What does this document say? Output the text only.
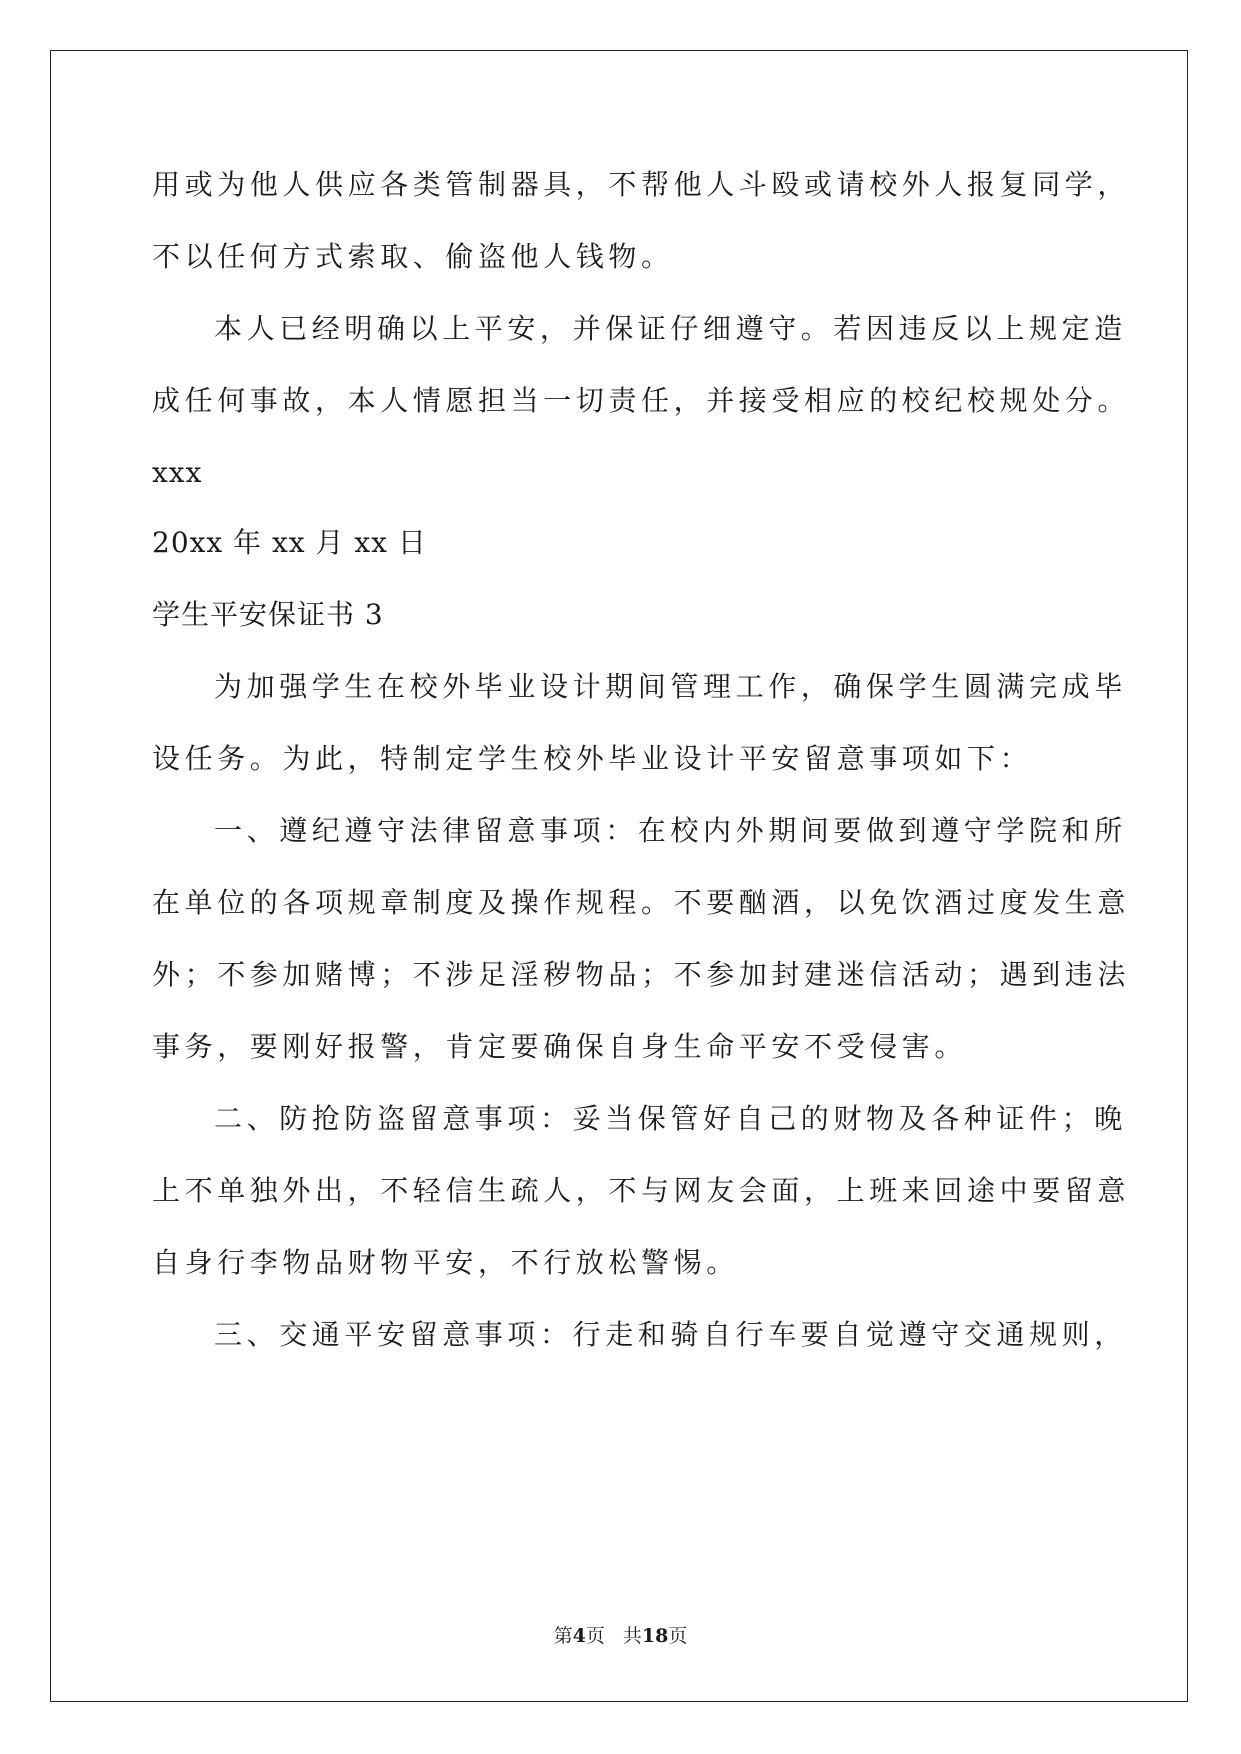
用或为他人供应各类管制器具，不帮他人斗殴或请校外人报复同学，
不以任何方式索取、偷盗他人钱物。
本人已经明确以上平安，并保证仔细遵守。若因违反以上规定造
成任何事故，本人情愿担当一切责任，并接受相应的校纪校规处分。
xxx
20xx 年 xx 月 xx 日
学生平安保证书 3
为加强学生在校外毕业设计期间管理工作，确保学生圆满完成毕
设任务。为此，特制定学生校外毕业设计平安留意事项如下：
一、遵纪遵守法律留意事项：在校内外期间要做到遵守学院和所
在单位的各项规章制度及操作规程。不要酗酒，以免饮酒过度发生意
外；不参加赌博；不涉足淫秽物品；不参加封建迷信活动；遇到违法
事务，要刚好报警，肯定要确保自身生命平安不受侵害。
二、防抢防盗留意事项：妥当保管好自己的财物及各种证件；晚
上不单独外出，不轻信生疏人，不与网友会面，上班来回途中要留意
自身行李物品财物平安，不行放松警惕。
三、交通平安留意事项：行走和骑自行车要自觉遵守交通规则，
第4页 共18页
